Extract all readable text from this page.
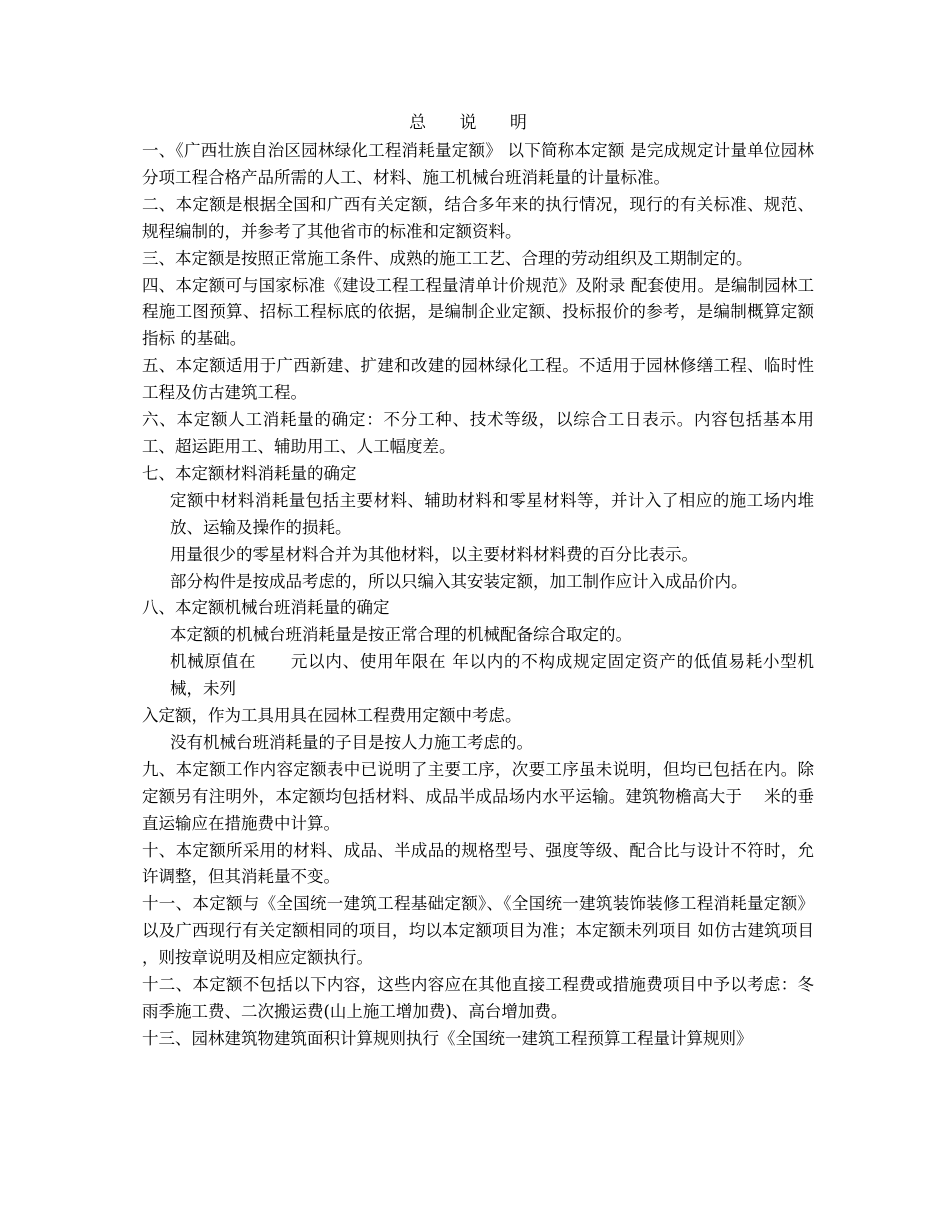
总 说 明

一、《广西壮族自治区园林绿化工程消耗量定额》 以下简称本定额 是完成规定计量单位园林分项工程合格产品所需的人工、材料、施工机械台班消耗量的计量标准。

二、本定额是根据全国和广西有关定额，结合多年来的执行情况，现行的有关标准、规范、规程编制的，并参考了其他省市的标准和定额资料。

三、本定额是按照正常施工条件、成熟的施工工艺、合理的劳动组织及工期制定的。

四、本定额可与国家标准《建设工程工程量清单计价规范》及附录 配套使用。是编制园林工程施工图预算、招标工程标底的依据，是编制企业定额、投标报价的参考，是编制概算定额 指标 的基础。

五、本定额适用于广西新建、扩建和改建的园林绿化工程。不适用于园林修缮工程、临时性工程及仿古建筑工程。

六、本定额人工消耗量的确定：不分工种、技术等级，以综合工日表示。内容包括基本用工、超运距用工、辅助用工、人工幅度差。

七、本定额材料消耗量的确定

定额中材料消耗量包括主要材料、辅助材料和零星材料等，并计入了相应的施工场内堆放、运输及操作的损耗。

用量很少的零星材料合并为其他材料，以主要材料材料费的百分比表示。

部分构件是按成品考虑的，所以只编入其安装定额，加工制作应计入成品价内。

八、本定额机械台班消耗量的确定

本定额的机械台班消耗量是按正常合理的机械配备综合取定的。

机械原值在　　元以内、使用年限在 年以内的不构成规定固定资产的低值易耗小型机械，未列

入定额，作为工具用具在园林工程费用定额中考虑。

没有机械台班消耗量的子目是按人力施工考虑的。

九、本定额工作内容定额表中已说明了主要工序，次要工序虽未说明，但均已包括在内。除定额另有注明外，本定额均包括材料、成品半成品场内水平运输。建筑物檐高大于　 米的垂直运输应在措施费中计算。

十、本定额所采用的材料、成品、半成品的规格型号、强度等级、配合比与设计不符时，允许调整，但其消耗量不变。

十一、本定额与《全国统一建筑工程基础定额》、《全国统一建筑装饰装修工程消耗量定额》以及广西现行有关定额相同的项目，均以本定额项目为准；本定额未列项目 如仿古建筑项目 ，则按章说明及相应定额执行。

十二、本定额不包括以下内容，这些内容应在其他直接工程费或措施费项目中予以考虑：冬雨季施工费、二次搬运费(山上施工增加费)、高台增加费。

十三、园林建筑物建筑面积计算规则执行《全国统一建筑工程预算工程量计算规则》
